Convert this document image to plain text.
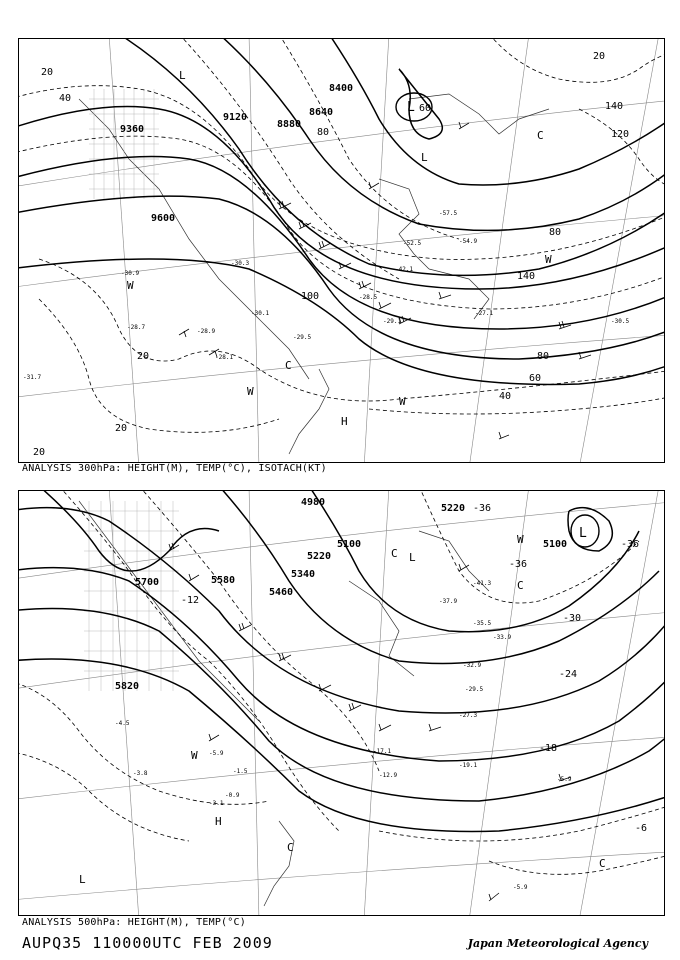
9360
9120
8880
8640
8400
9600
20
40
60
80
100
120
140
20
20
20
40
60
80
140
80
20
-28.7
-28.9
-28.1
-30.9
-30.3
-29.5
-30.1
-42.1
-28.5
-57.5
-52.5	-54.9
-30.5
-27.1
-29.1
-31.7
L
L
L
H
W
W
W
C
C
W
ANALYSIS 300hPa: HEIGHT(M), TEMP(°C), ISOTACH(KT)
4980
5220
5100	5100
5220
5340
5460
5580
5700
5820
-36
-36
-30
-24
-18
-12
-6
-36
-41.3
-37.9
-35.5
-33.9
-32.9
-29.5
-27.3
-17.1
-12.9
-19.1
-5.9
-3.1
-1.5
-0.9
-5.9
-3.8
-4.5
-5.9
L
L
C
C
C
W
H
L
C
W
ANALYSIS 500hPa: HEIGHT(M), TEMP(°C)
AUPQ35 110000UTC FEB 2009	Japan Meteorological Agency
